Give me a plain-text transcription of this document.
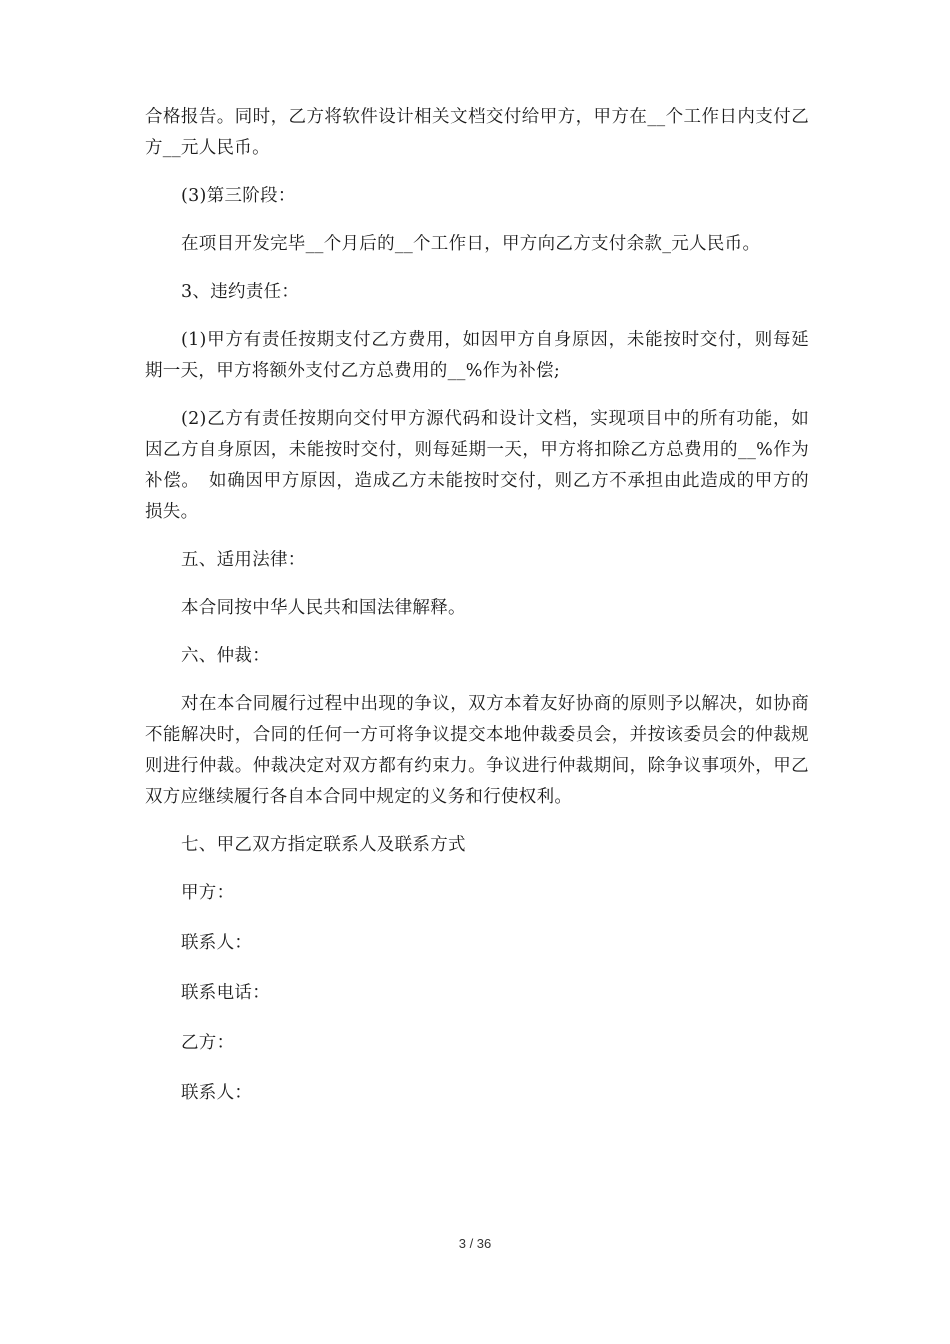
合格报告。同时，乙方将软件设计相关文档交付给甲方，甲方在__个工作日内支付乙方__元人民币。

(3)第三阶段：

在项目开发完毕__个月后的__个工作日，甲方向乙方支付余款_元人民币。

3、违约责任：

(1)甲方有责任按期支付乙方费用，如因甲方自身原因，未能按时交付，则每延期一天，甲方将额外支付乙方总费用的__%作为补偿;

(2)乙方有责任按期向交付甲方源代码和设计文档，实现项目中的所有功能，如因乙方自身原因，未能按时交付，则每延期一天，甲方将扣除乙方总费用的__%作为补偿。　如确因甲方原因，造成乙方未能按时交付，则乙方不承担由此造成的甲方的损失。

五、适用法律：

本合同按中华人民共和国法律解释。

六、仲裁：

对在本合同履行过程中出现的争议，双方本着友好协商的原则予以解决，如协商不能解决时，合同的任何一方可将争议提交本地仲裁委员会，并按该委员会的仲裁规则进行仲裁。仲裁决定对双方都有约束力。争议进行仲裁期间，除争议事项外，甲乙双方应继续履行各自本合同中规定的义务和行使权利。

七、甲乙双方指定联系人及联系方式

甲方：

联系人：

联系电话：

乙方：

联系人：

3 / 36
